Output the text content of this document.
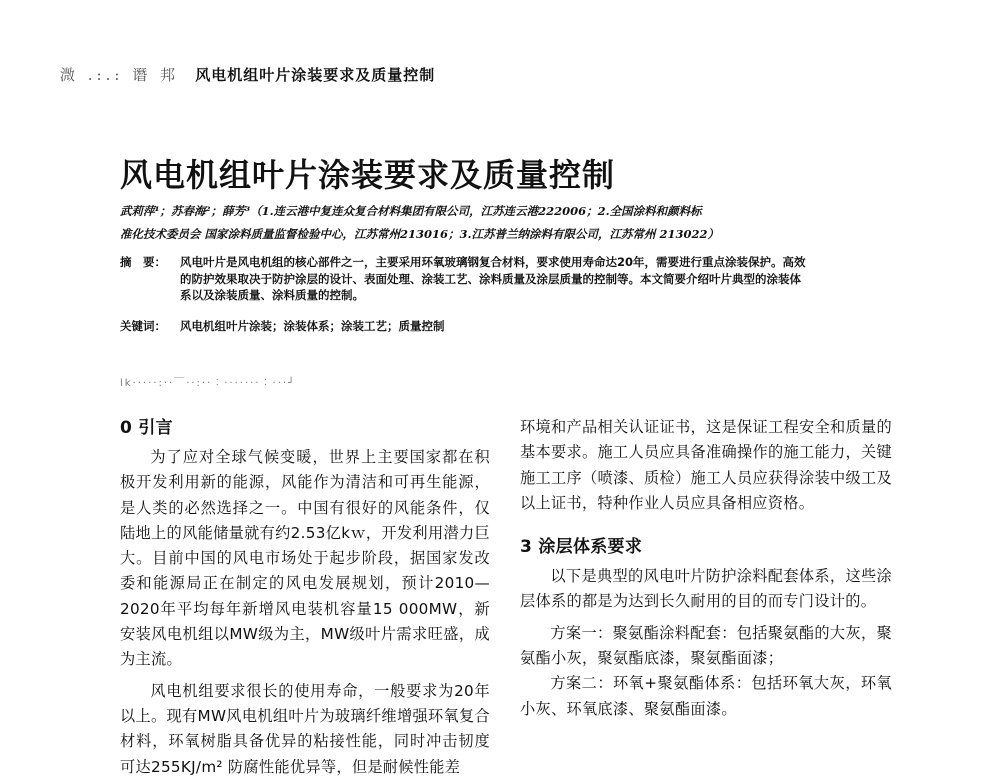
溦 .:.: 谮 邦 风电机组叶片涂装要求及质量控制
风电机组叶片涂装要求及质量控制
武莉萍¹；苏春海²；薛芳³（1.连云港中复连众复合材料集团有限公司，江苏连云港222006；2.全国涂料和颜料标
准化技术委员会 国家涂料质量监督检验中心，江苏常州213016；3.江苏普兰纳涂料有限公司，江苏常州 213022）
摘　要：	风电叶片是风电机组的核心部件之一，主要采用环氧玻璃钢复合材料，要求使用寿命达20年，需要进行重点涂装保护。高效的防护效果取决于防护涂层的设计、表面处理、涂装工艺、涂料质量及涂层质量的控制等。本文简要介绍叶片典型的涂装体系以及涂装质量、涂料质量的控制。
关键词：	风电机组叶片涂装；涂装体系；涂装工艺；质量控制
lk·····:··￣··:··︰·······︰···┘
0 引言

为了应对全球气候变暖，世界上主要国家都在积极开发利用新的能源，风能作为清洁和可再生能源，是人类的必然选择之一。中国有很好的风能条件，仅陆地上的风能储量就有约2.53亿kｗ，开发利用潜力巨大。目前中国的风电市场处于起步阶段，据国家发改委和能源局正在制定的风电发展规划，预计2010—2020年平均每年新增风电装机容量15 000MW，新安装风电机组以MW级为主，MW级叶片需求旺盛，成为主流。

风电机组要求很长的使用寿命，一般要求为20年以上。现有MW风电机组叶片为玻璃纤维增强环氧复合材料，环氧树脂具备优异的粘接性能，同时冲击韧度可达255KJ/m² 防腐性能优异等，但是耐候性能差

环境和产品相关认证证书，这是保证工程安全和质量的基本要求。施工人员应具备准确操作的施工能力，关键施工工序（喷漆、质检）施工人员应获得涂装中级工及以上证书，特种作业人员应具备相应资格。

3 涂层体系要求

以下是典型的风电叶片防护涂料配套体系，这些涂层体系的都是为达到长久耐用的目的而专门设计的。

方案一：聚氨酯涂料配套：包括聚氨酯的大灰，聚氨酯小灰，聚氨酯底漆，聚氨酯面漆；

方案二：环氧+聚氨酯体系：包括环氧大灰，环氧小灰、环氧底漆、聚氨酯面漆。
